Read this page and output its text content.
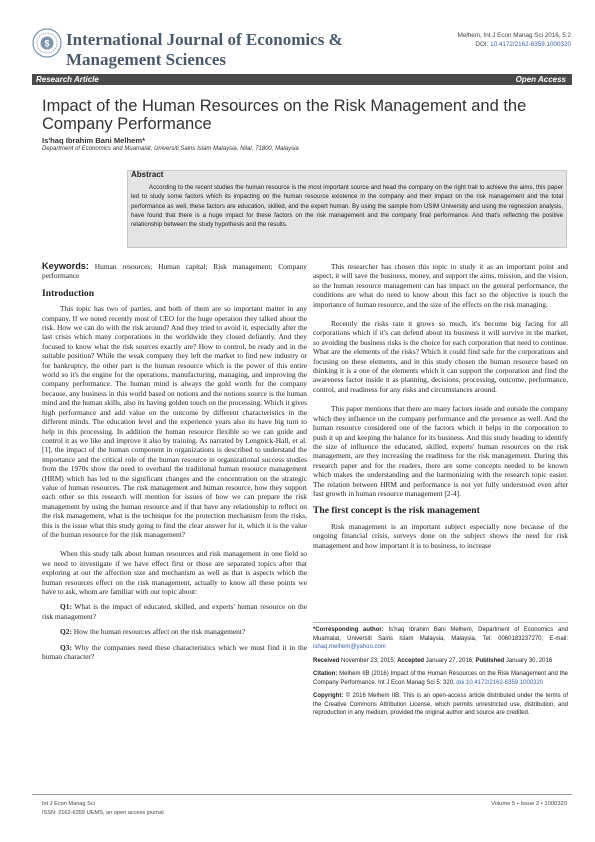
$ International Journal of Economics & Management Sciences
Melhem, Int J Econ Manag Sci 2016, 5:2
DOI: 10.4172/2162-6359.1000320
Research Article	Open Access
Impact of the Human Resources on the Risk Management and the Company Performance
Is'haq Ibrahim Bani Melhem*
Department of Economics and Muamalat, Universiti Sains Islam Malaysia, Nilai, 71800, Malaysia
Abstract
According to the recent studies the human resource is the most important source and head the company on the right trail to achieve the aims, this paper led to study some factors which its impacting on the human resource existence in the company and their impact on the risk management and the total performance as well, these factors are education, skilled, and the expert human. By using the sample from USIM University and using the regression analysis, have found that there is a huge impact for these factors on the risk management and the company final performance. And that's reflecting the positive relationship between the study hypothesis and the results.

Keywords: Human resources; Human capital; Risk management; Company performance

Introduction

This topic has two of parties, and both of them are so important matter in any company. If we noted recently most of CEO for the huge operation they talked about the risk. How we can do with the risk around? And they tried to avoid it, especially after the last crisis which many corporations in the worldwide they closed defiantly. And they focused to know what the risk sources exactly are? How to control, be ready and in the suitable position? While the weak company they left the market to find new industry or for bankruptcy, the other part is the human resource which is the power of this entire world so it's the engine for the operations, manufacturing, managing, and improving the company performance. The human mind is always the gold worth for the company because, any business in this world based on notions and the notions source is the human mind and the human skills, also its having golden touch on the processing. Which it gives high performance and add value on the outcome by different characteristics in the different minds. The education level and the experience years also its have big turn to help in this processing. In addition the human resource flexible so we can guide and control it as we like and improve it also by training. As narrated by Lengnick-Hall, et al. [1], the impact of the human component in organizations is described to understand the importance and the critical role of the human resource in organizational success studies from the 1970s show the need to overhaul the traditional human resource management (HRM) which has led to the significant changes and the concentration on the strategic value of human resources. The risk management and human resource, how they support each other so this research will mention for issues of how we can prepare the risk management by using the human resource and if that have any relationship to reflect on the risk management, what is the technique for the protection mechanism from the risks, this is the issue what this study going to find the clear answer for it, which it is the value of the human resource for the risk management?

When this study talk about human resources and risk management in one field so we need to investigate if we have effect first or those are separated topics after that exploring at out the affection size and mechanism as well as that is aspects which the human resources effect on the risk management, actually to know all these points we have to ask, whom are familiar with our topic about:

Q1: What is the impact of educated, skilled, and experts' human resource on the risk management?

Q2: How the human resources affect on the risk management?

Q3: Why the companies need these characteristics which we must find it in the human character?

This researcher has chosen this topic to study it as an important point and aspect, it will save the business, money, and support the aims, mission, and the vision, so the human resource management can has impact on the general performance, the conditions are what do need to know about this fact so the objective is touch the importance of human resource, and the size of the effects on the risk managing.

Recently the risks rate it grows so much, it's become big facing for all corporations which if it's can defend about its business it will survive in the market, so avoiding the business risks is the choice for each corporation that need to continue. What are the elements of the risks? Which it could find safe for the corporations and focusing on these elements, and in this study chosen the human resource based on thinking it is a one of the elements which it can support the corporation and find the awareness factor inside it as planning, decisions, processing, outcome, performance, control, and readiness for any risks and circumstances around.

This paper mentions that there are many factors inside and outside the company which they influence on the company performance and the presence as well. And the human resource considered one of the factors which it helps in the corporation to push it up and keeping the balance for its business. And this study heading to identify the size of influence the educated, skilled, experts' human resources on the risk management, are they increasing the readiness for the risk management. During this research paper and for the readers, there are some concepts needed to be known which makes the understanding and the harmonizing with the research topic easier. The relation between HRM and performance is not yet fully understood even after fast growth in human resource management [2-4].

The first concept is the risk management

Risk management is an important subject especially now because of the ongoing financial crisis, surveys done on the subject shows the need for risk management and how important it is to business, to increase

*Corresponding author: Is'haq Ibrahim Bani Melhem, Department of Economics and Muamalat, Universiti Sains Islam Malaysia, Malaysia, Tel: 0060183237270; E-mail: ishaq.melhem@yahoo.com

Received November 23, 2015; Accepted January 27, 2016; Published January 30, 2016

Citation: Melhem IIB (2016) Impact of the Human Resources on the Risk Management and the Company Performance. Int J Econ Manag Sci 5: 320. doi:10.4172/2162-6359.1000320

Copyright: © 2016 Melhem IIB. This is an open-access article distributed under the terms of the Creative Commons Attribution License, which permits unrestricted use, distribution, and reproduction in any medium, provided the original author and source are credited.

Int J Econ Manag Sci
ISSN: 2162-6359 IJEMS, an open access journal
Volume 5 • Issue 2 • 1000320
